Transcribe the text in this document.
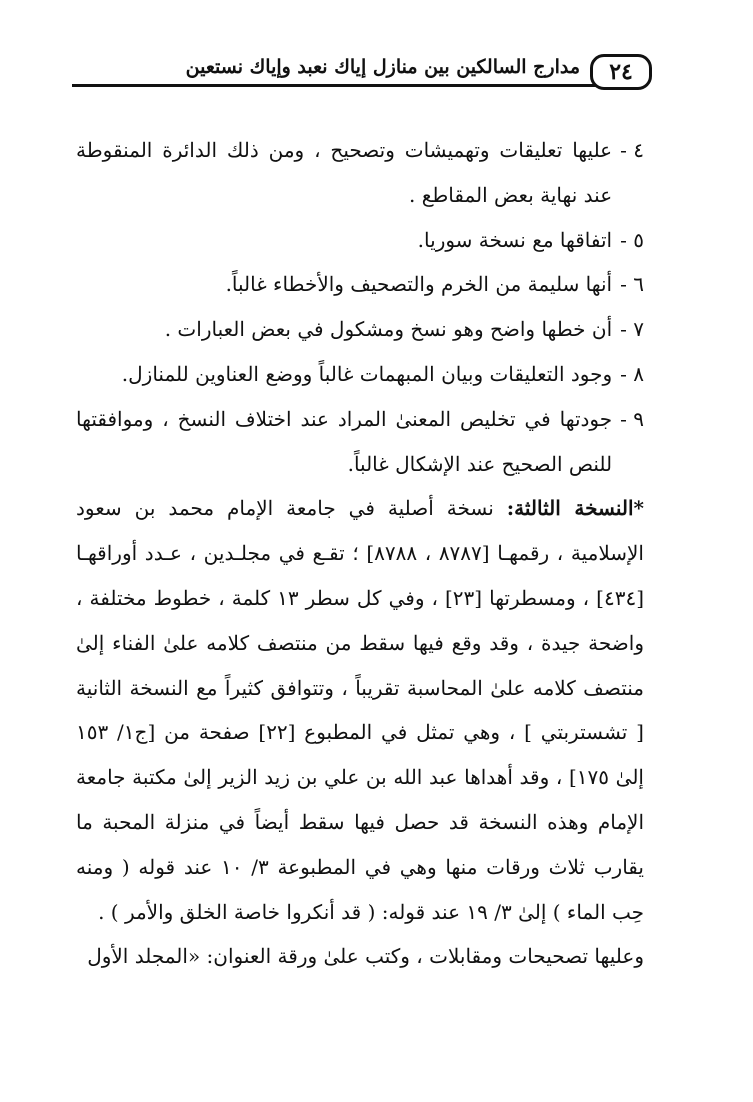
٢٤
مدارج السالكين بين منازل إياك نعبد وإياك نستعين
٤ -
عليها تعليقات وتهميشات وتصحيح ، ومن ذلك الدائرة المنقوطة عند نهاية بعض المقاطع .
٥ -
اتفاقها مع نسخة سوريا.
٦ -
أنها سليمة من الخرم والتصحيف والأخطاء غالباً.
٧ -
أن خطها واضح وهو نسخ ومشكول في بعض العبارات .
٨ -
وجود التعليقات وبيان المبهمات غالباً ووضع العناوين للمنازل.
٩ -
جودتها في تخليص المعنىٰ المراد عند اختلاف النسخ ، وموافقتها للنص الصحيح عند الإشكال غالباً.

*النسخة الثالثة: نسخة أصلية في جامعة الإمام محمد بن سعود الإسلامية ، رقمهـا [٨٧٨٧ ، ٨٧٨٨] ؛ تقـع في مجلـدين ، عـدد أوراقهـا [٤٣٤] ، ومسطرتها [٢٣] ، وفي كل سطر ١٣ كلمة ، خطوط مختلفة ، واضحة جيدة ، وقد وقع فيها سقط من منتصف كلامه علىٰ الفناء إلىٰ منتصف كلامه علىٰ المحاسبة تقريباً ، وتتوافق كثيراً مع النسخة الثانية [ تشستربتي ] ، وهي تمثل في المطبوع [٢٢] صفحة من [ج١/ ١٥٣ إلىٰ ١٧٥] ، وقد أهداها عبد الله بن علي بن زيد الزير إلىٰ مكتبة جامعة الإمام وهذه النسخة قد حصل فيها سقط أيضاً في منزلة المحبة ما يقارب ثلاث ورقات منها وهي في المطبوعة ٣/ ١٠ عند قوله ( ومنه حِب الماء ) إلىٰ ٣/ ١٩ عند قوله: ( قد أنكروا خاصة الخلق والأمر ) .

وعليها تصحيحات ومقابلات ، وكتب علىٰ ورقة العنوان: «المجلد الأول
